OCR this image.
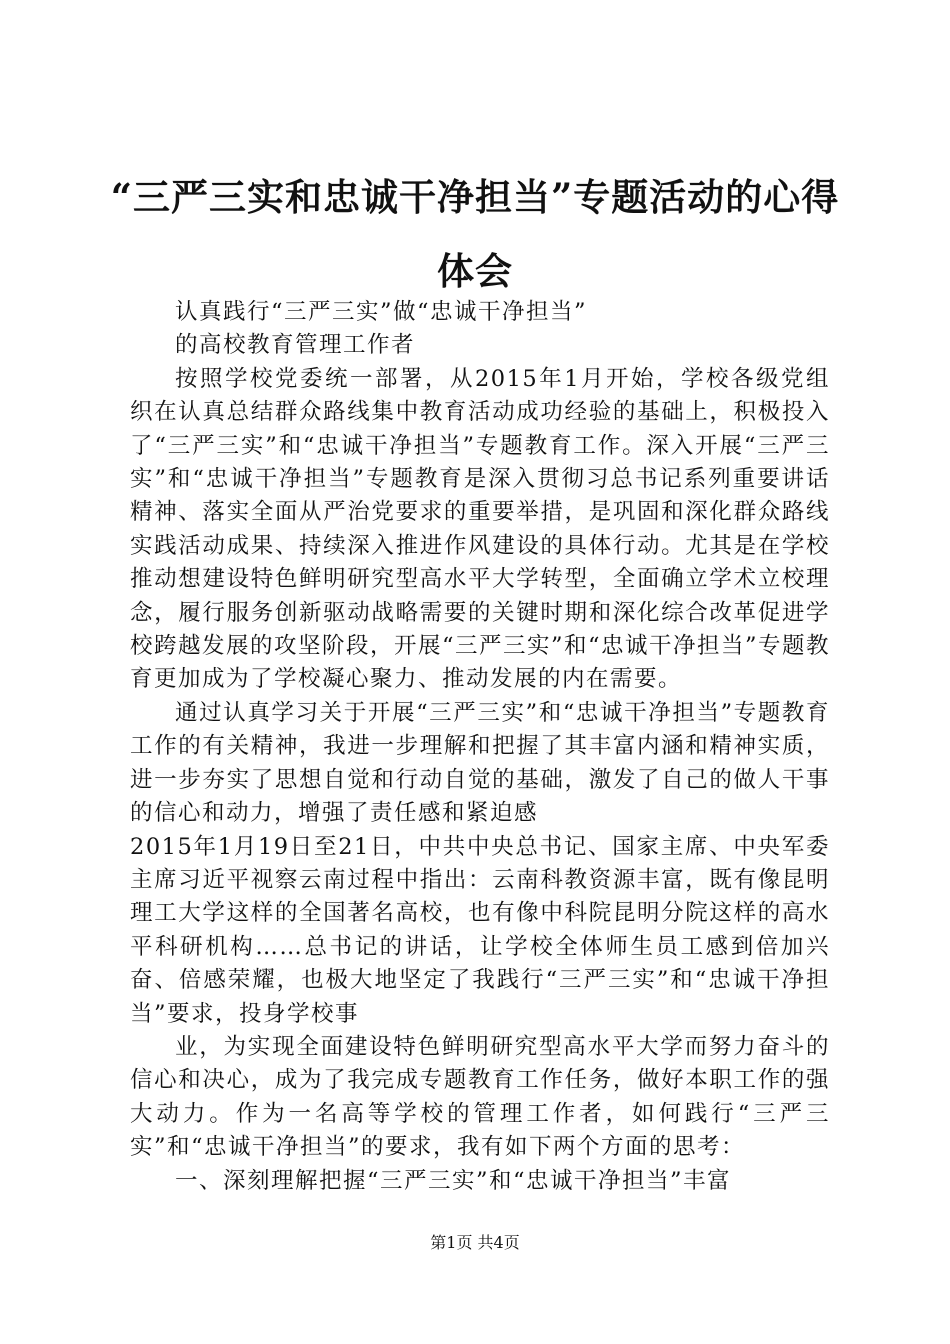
“三严三实和忠诚干净担当”专题活动的心得体会

认真践行“三严三实”做“忠诚干净担当”

的高校教育管理工作者

按照学校党委统一部署，从2015年1月开始，学校各级党组织在认真总结群众路线集中教育活动成功经验的基础上，积极投入了“三严三实”和“忠诚干净担当”专题教育工作。深入开展“三严三实”和“忠诚干净担当”专题教育是深入贯彻习总书记系列重要讲话精神、落实全面从严治党要求的重要举措，是巩固和深化群众路线实践活动成果、持续深入推进作风建设的具体行动。尤其是在学校推动想建设特色鲜明研究型高水平大学转型，全面确立学术立校理念，履行服务创新驱动战略需要的关键时期和深化综合改革促进学校跨越发展的攻坚阶段，开展“三严三实”和“忠诚干净担当”专题教育更加成为了学校凝心聚力、推动发展的内在需要。

通过认真学习关于开展“三严三实”和“忠诚干净担当”专题教育工作的有关精神，我进一步理解和把握了其丰富内涵和精神实质，进一步夯实了思想自觉和行动自觉的基础，激发了自己的做人干事的信心和动力，增强了责任感和紧迫感

2015年1月19日至21日，中共中央总书记、国家主席、中央军委主席习近平视察云南过程中指出：云南科教资源丰富，既有像昆明理工大学这样的全国著名高校，也有像中科院昆明分院这样的高水平科研机构……总书记的讲话，让学校全体师生员工感到倍加兴奋、倍感荣耀，也极大地坚定了我践行“三严三实”和“忠诚干净担当”要求，投身学校事

业，为实现全面建设特色鲜明研究型高水平大学而努力奋斗的信心和决心，成为了我完成专题教育工作任务，做好本职工作的强大动力。作为一名高等学校的管理工作者，如何践行“三严三实”和“忠诚干净担当”的要求，我有如下两个方面的思考：

一、深刻理解把握“三严三实”和“忠诚干净担当”丰富

第1页 共4页
